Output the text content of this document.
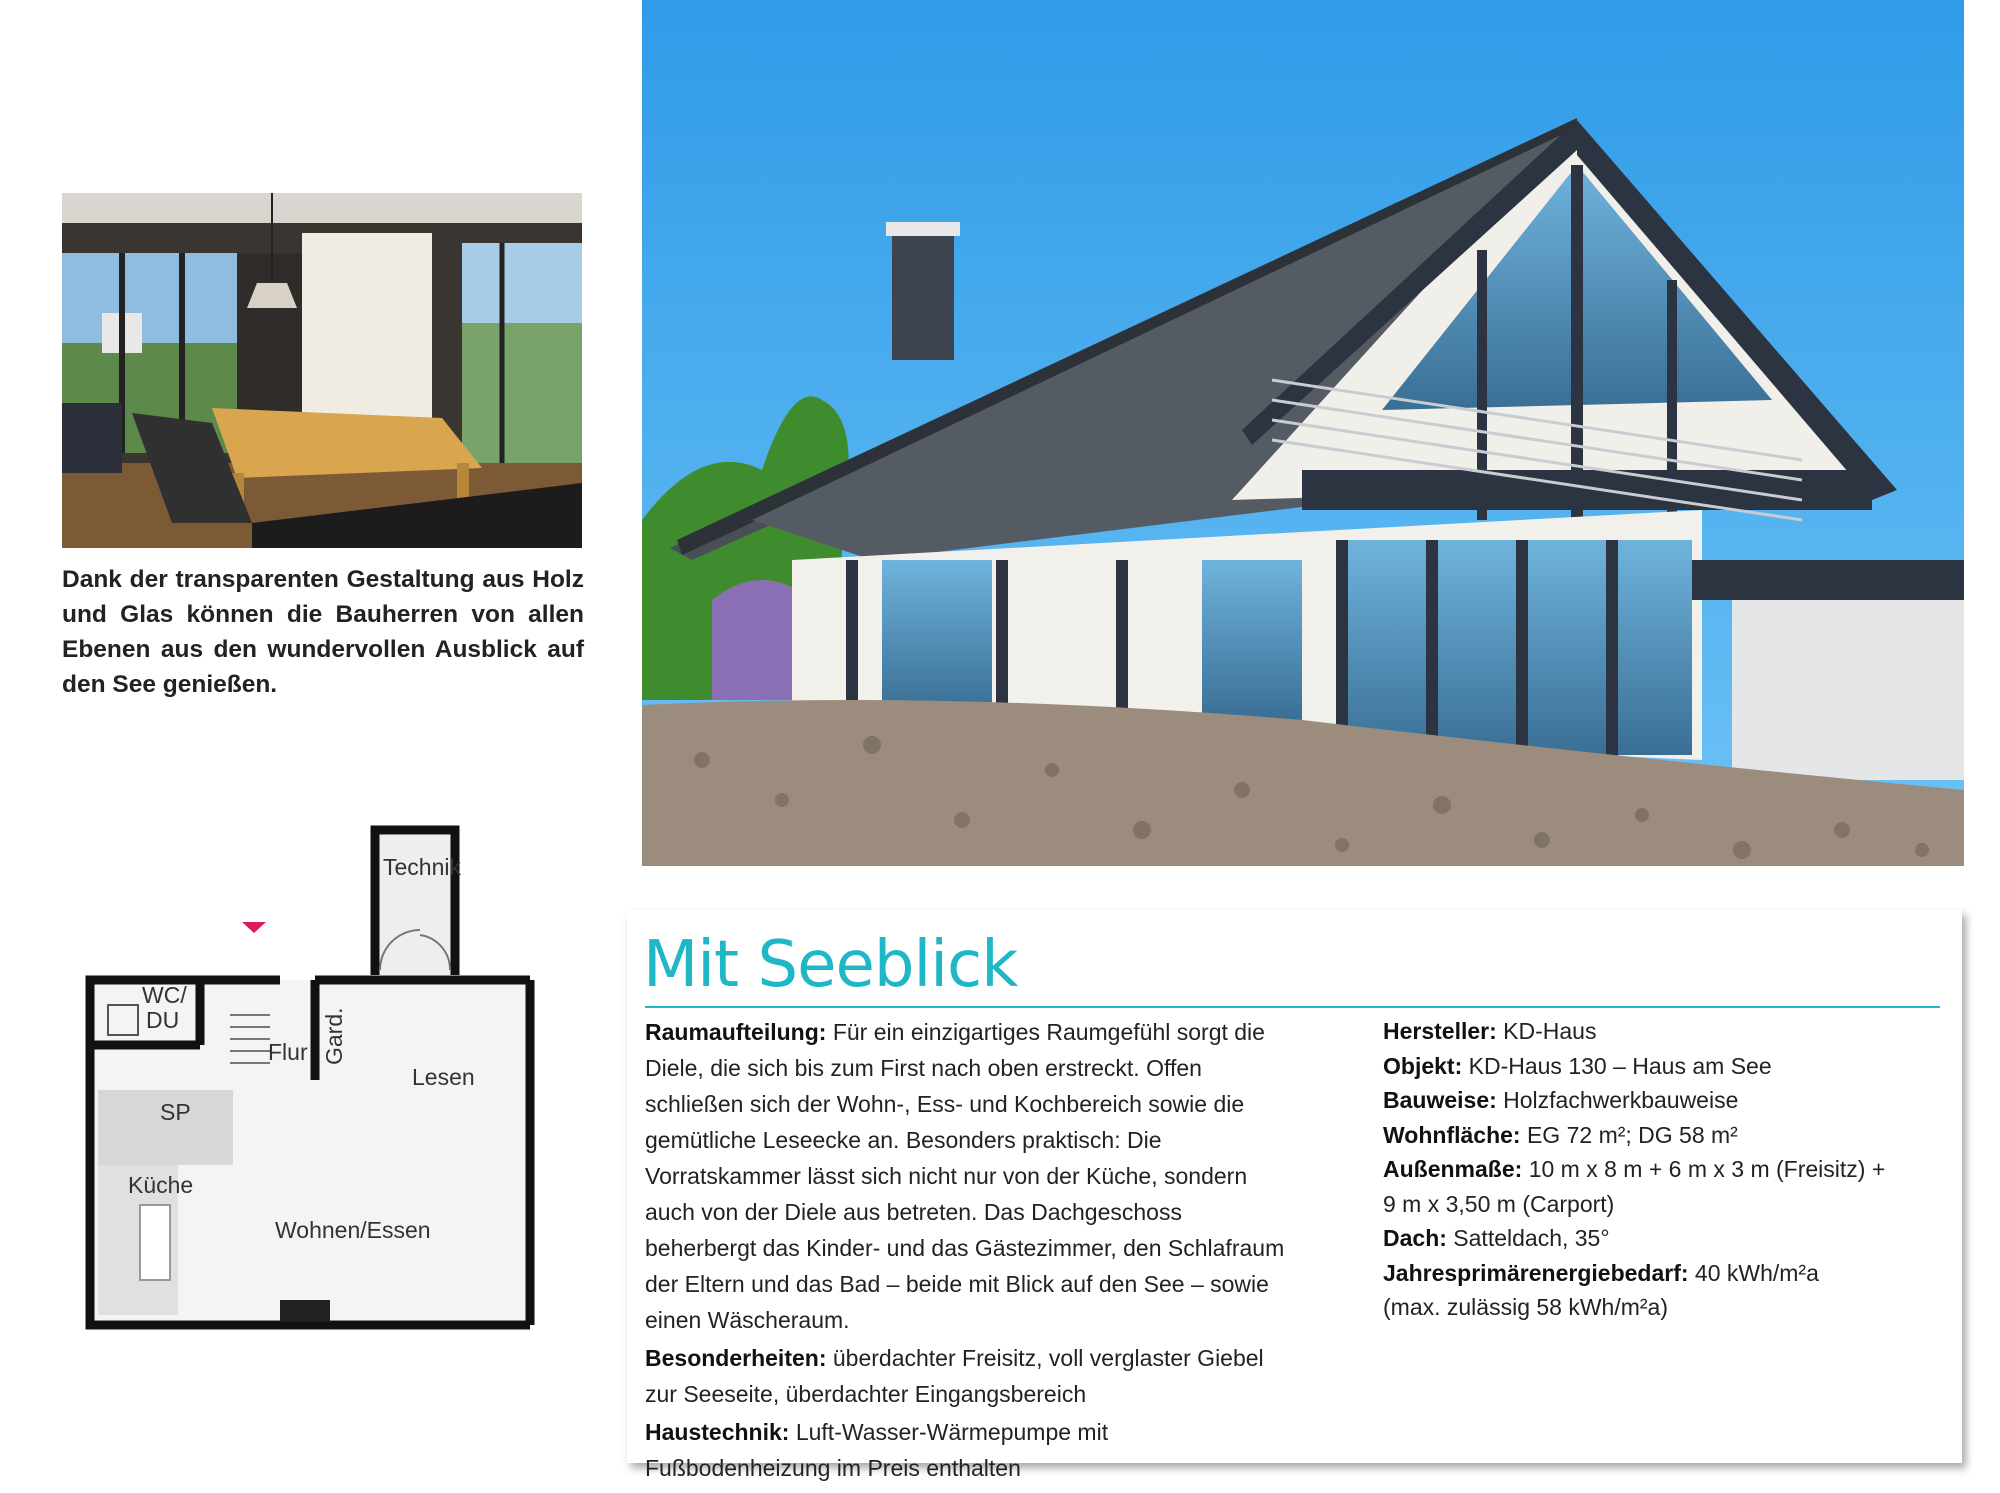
Dank der transparenten Gestaltung aus Holz und Glas können die Bauherren von allen Ebenen aus den wundervollen Ausblick auf den See genießen.
Technik
WC/
DU
Flur Gard.
Lesen
SP
Küche
Wohnen/Essen
Mit Seeblick

Raumaufteilung: Für ein einzigartiges Raumgefühl sorgt die Diele, die sich bis zum First nach oben erstreckt. Offen schließen sich der Wohn-, Ess- und Kochbereich sowie die gemütliche Leseecke an. Besonders praktisch: Die Vorratskammer lässt sich nicht nur von der Küche, sondern auch von der Diele aus betreten. Das Dachgeschoss beherbergt das Kinder- und das Gästezimmer, den Schlafraum der Eltern und das Bad – beide mit Blick auf den See – sowie einen Wäscheraum.

Besonderheiten: überdachter Freisitz, voll verglaster Giebel zur Seeseite, überdachter Eingangsbereich

Haustechnik: Luft-Wasser-Wärmepumpe mit Fußbodenheizung im Preis enthalten

Hersteller: KD-Haus

Objekt: KD-Haus 130 – Haus am See

Bauweise: Holzfachwerkbauweise

Wohnfläche: EG 72 m²; DG 58 m²

Außenmaße: 10 m x 8 m + 6 m x 3 m (Freisitz) + 9 m x 3,50 m (Carport)

Dach: Satteldach, 35°

Jahresprimärenergiebedarf: 40 kWh/m²a

(max. zulässig 58 kWh/m²a)
